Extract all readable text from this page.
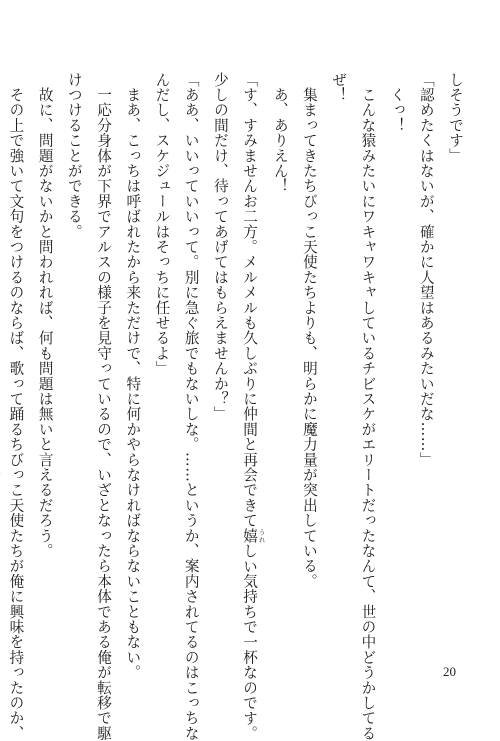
しそうです」
「認めたくはないが、確かに人望はあるみたいだな……」
　くっ！
　こんな猿みたいにワキャワキャしているチビスケがエリートだったなんて、世の中どうかしてる
ぜ！
　集まってきたちびっこ天使たちよりも、明らかに魔力量が突出している。
　あ、ありえん！
「す、すみませんお二方。メルメルも久しぶりに仲間と再会できて嬉 うれしい気持ちで一杯なのです。
少しの間だけ、待ってあげてはもらえませんか？」
「ああ、いいっていいって。別に急ぐ旅でもないしな。……というか、案内されてるのはこっちな
んだし、スケジュールはそっちに任せるよ」
　まあ、こっちは呼ばれたから来ただけで、特に何かやらなければならないこともない。
　一応分身体が下界でアルスの様子を見守っているので、いざとなったら本体である俺が転移で駆
けつけることができる。
　故に、問題がないかと問われれば、何も問題は無いと言えるだろう。
　その上で強いて文句をつけるのならば、歌って踊るちびっこ天使たちが俺に興味を持ったのか、	20
